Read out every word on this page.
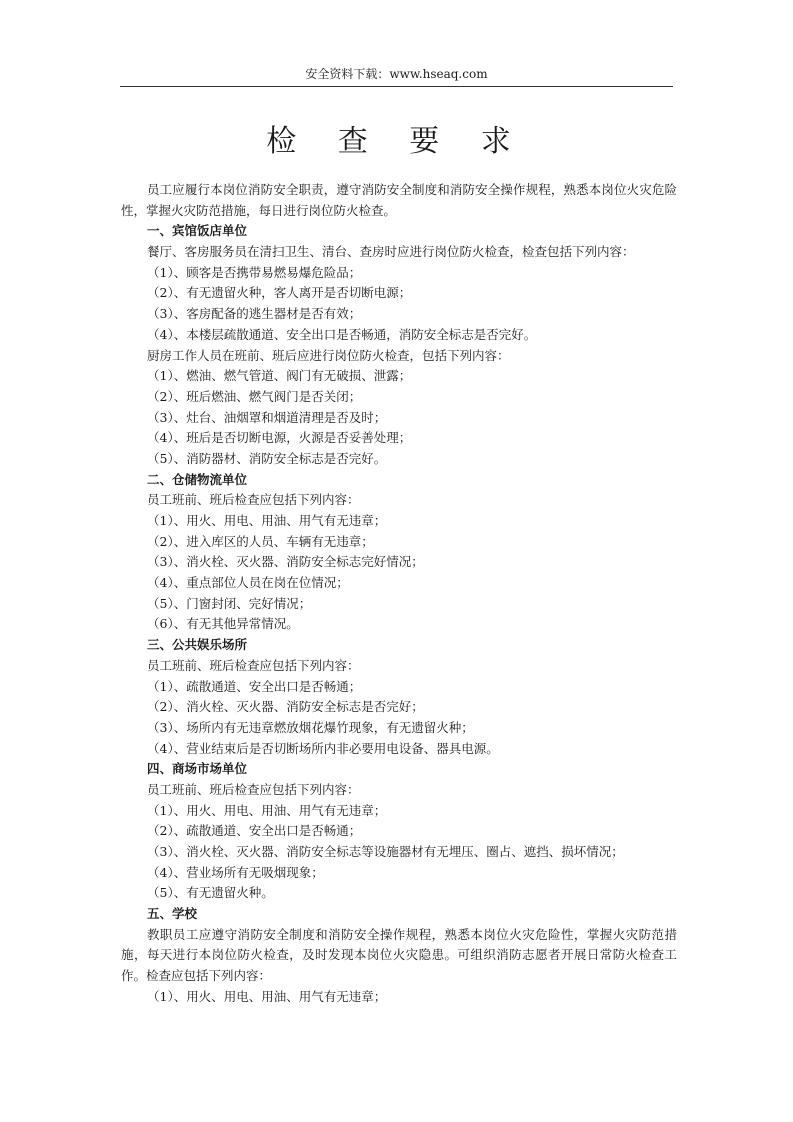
安全资料下载：www.hseaq.com
检 查 要 求
员工应履行本岗位消防安全职责，遵守消防安全制度和消防安全操作规程，熟悉本岗位火灾危险性，掌握火灾防范措施，每日进行岗位防火检查。
一、宾馆饭店单位
餐厅、客房服务员在清扫卫生、清台、查房时应进行岗位防火检查，检查包括下列内容：
（1）、顾客是否携带易燃易爆危险品；
（2）、有无遗留火种，客人离开是否切断电源；
（3）、客房配备的逃生器材是否有效；
（4）、本楼层疏散通道、安全出口是否畅通，消防安全标志是否完好。
厨房工作人员在班前、班后应进行岗位防火检查，包括下列内容：
（1）、燃油、燃气管道、阀门有无破损、泄露；
（2）、班后燃油、燃气阀门是否关闭；
（3）、灶台、油烟罩和烟道清理是否及时；
（4）、班后是否切断电源，火源是否妥善处理；
（5）、消防器材、消防安全标志是否完好。
二、仓储物流单位
员工班前、班后检查应包括下列内容：
（1）、用火、用电、用油、用气有无违章；
（2）、进入库区的人员、车辆有无违章；
（3）、消火栓、灭火器、消防安全标志完好情况；
（4）、重点部位人员在岗在位情况；
（5）、门窗封闭、完好情况；
（6）、有无其他异常情况。
三、公共娱乐场所
员工班前、班后检查应包括下列内容：
（1）、疏散通道、安全出口是否畅通；
（2）、消火栓、灭火器、消防安全标志是否完好；
（3）、场所内有无违章燃放烟花爆竹现象，有无遗留火种；
（4）、营业结束后是否切断场所内非必要用电设备、器具电源。
四、商场市场单位
员工班前、班后检查应包括下列内容：
（1）、用火、用电、用油、用气有无违章；
（2）、疏散通道、安全出口是否畅通；
（3）、消火栓、灭火器、消防安全标志等设施器材有无埋压、圈占、遮挡、损坏情况；
（4）、营业场所有无吸烟现象；
（5）、有无遗留火种。
五、学校
教职员工应遵守消防安全制度和消防安全操作规程，熟悉本岗位火灾危险性，掌握火灾防范措施，每天进行本岗位防火检查，及时发现本岗位火灾隐患。可组织消防志愿者开展日常防火检查工作。检查应包括下列内容：
（1）、用火、用电、用油、用气有无违章；
